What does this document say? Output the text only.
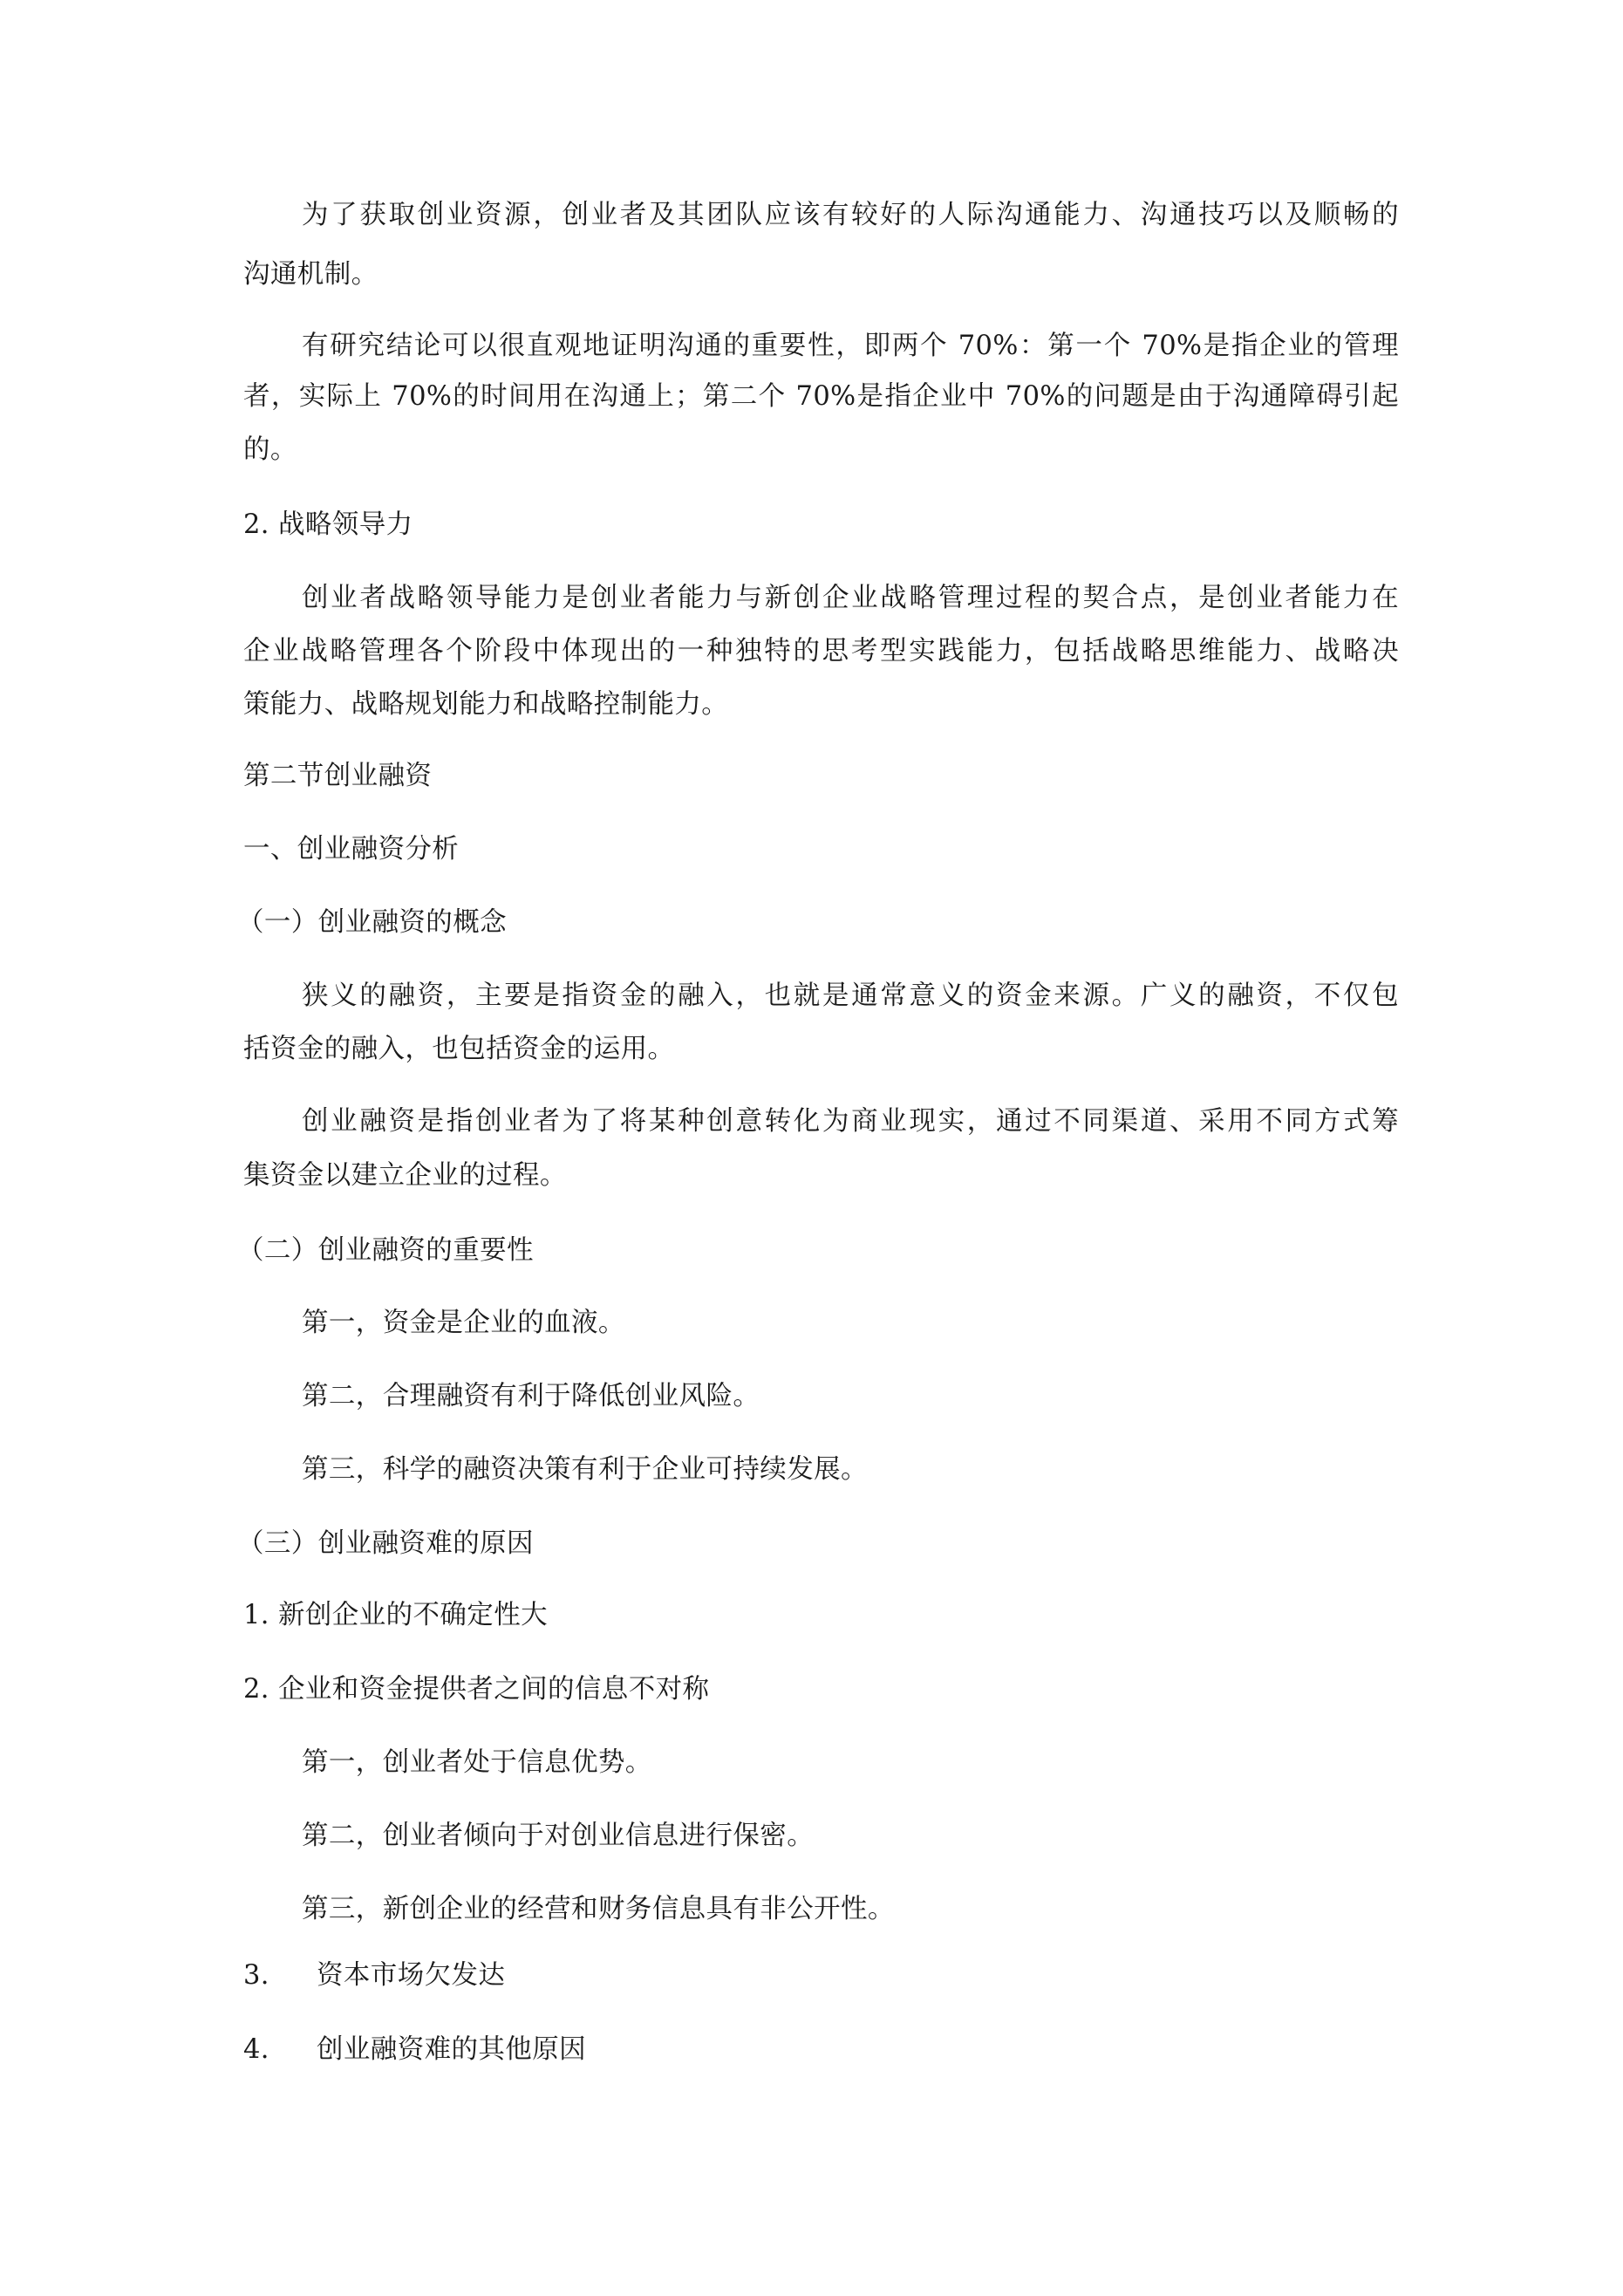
为了获取创业资源，创业者及其团队应该有较好的人际沟通能力、沟通技巧以及顺畅的
沟通机制。
有研究结论可以很直观地证明沟通的重要性，即两个 70%：第一个 70%是指企业的管理
者，实际上 70%的时间用在沟通上；第二个 70%是指企业中 70%的问题是由于沟通障碍引起
的。
2. 战略领导力
创业者战略领导能力是创业者能力与新创企业战略管理过程的契合点，是创业者能力在
企业战略管理各个阶段中体现出的一种独特的思考型实践能力，包括战略思维能力、战略决
策能力、战略规划能力和战略控制能力。
第二节创业融资
一、创业融资分析
（一）创业融资的概念
狭义的融资，主要是指资金的融入，也就是通常意义的资金来源。广义的融资，不仅包
括资金的融入，也包括资金的运用。
创业融资是指创业者为了将某种创意转化为商业现实，通过不同渠道、采用不同方式筹
集资金以建立企业的过程。
（二）创业融资的重要性
第一，资金是企业的血液。
第二，合理融资有利于降低创业风险。
第三，科学的融资决策有利于企业可持续发展。
（三）创业融资难的原因
1. 新创企业的不确定性大
2. 企业和资金提供者之间的信息不对称
第一，创业者处于信息优势。
第二，创业者倾向于对创业信息进行保密。
第三，新创企业的经营和财务信息具有非公开性。
3. 资本市场欠发达
4. 创业融资难的其他原因
